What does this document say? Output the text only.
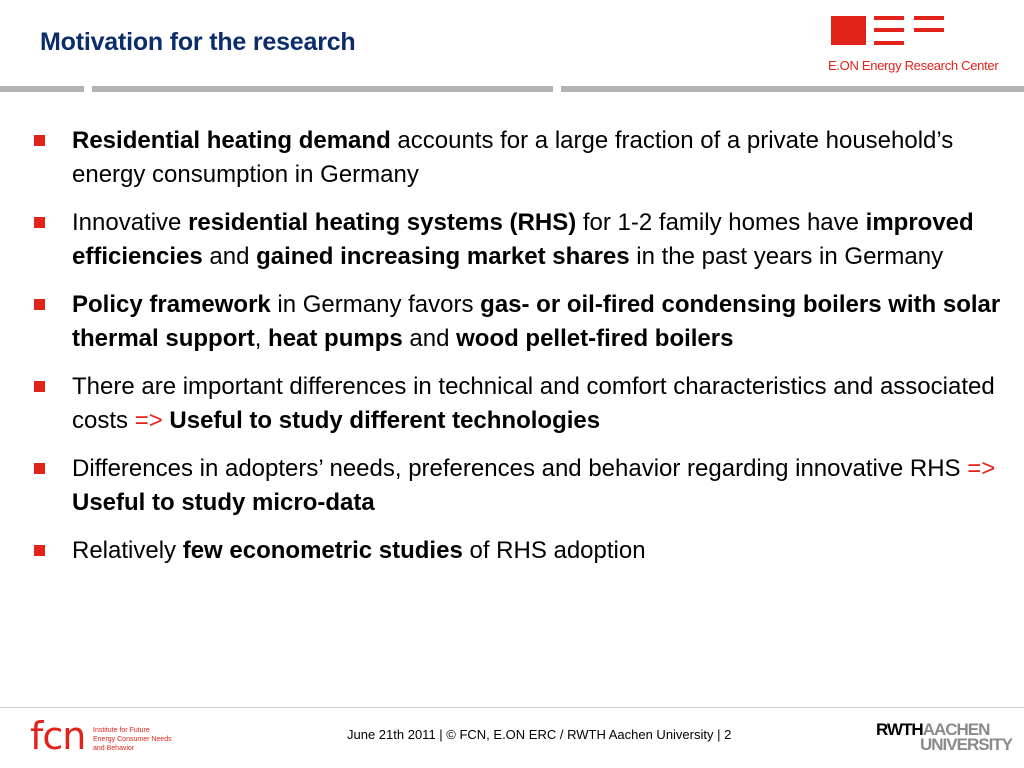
Motivation for the research
E.ON Energy Research Center
Residential heating demand accounts for a large fraction of a private household’s energy consumption in Germany
Innovative residential heating systems (RHS) for 1-2 family homes have improved efficiencies and gained increasing market shares in the past years in Germany
Policy framework in Germany favors gas- or oil-fired condensing boilers with solar thermal support, heat pumps and wood pellet-fired boilers
There are important differences in technical and comfort characteristics and associated costs => Useful to study different technologies
Differences in adopters’ needs, preferences and behavior regarding innovative RHS => Useful to study micro-data
Relatively few econometric studies of RHS adoption
fcn Institute for Future
Energy Consumer Needs
and Behavior
June 21th 2011 | © FCN, E.ON ERC / RWTH Aachen University | 2	RWTHAACHEN
UNIVERSITY
